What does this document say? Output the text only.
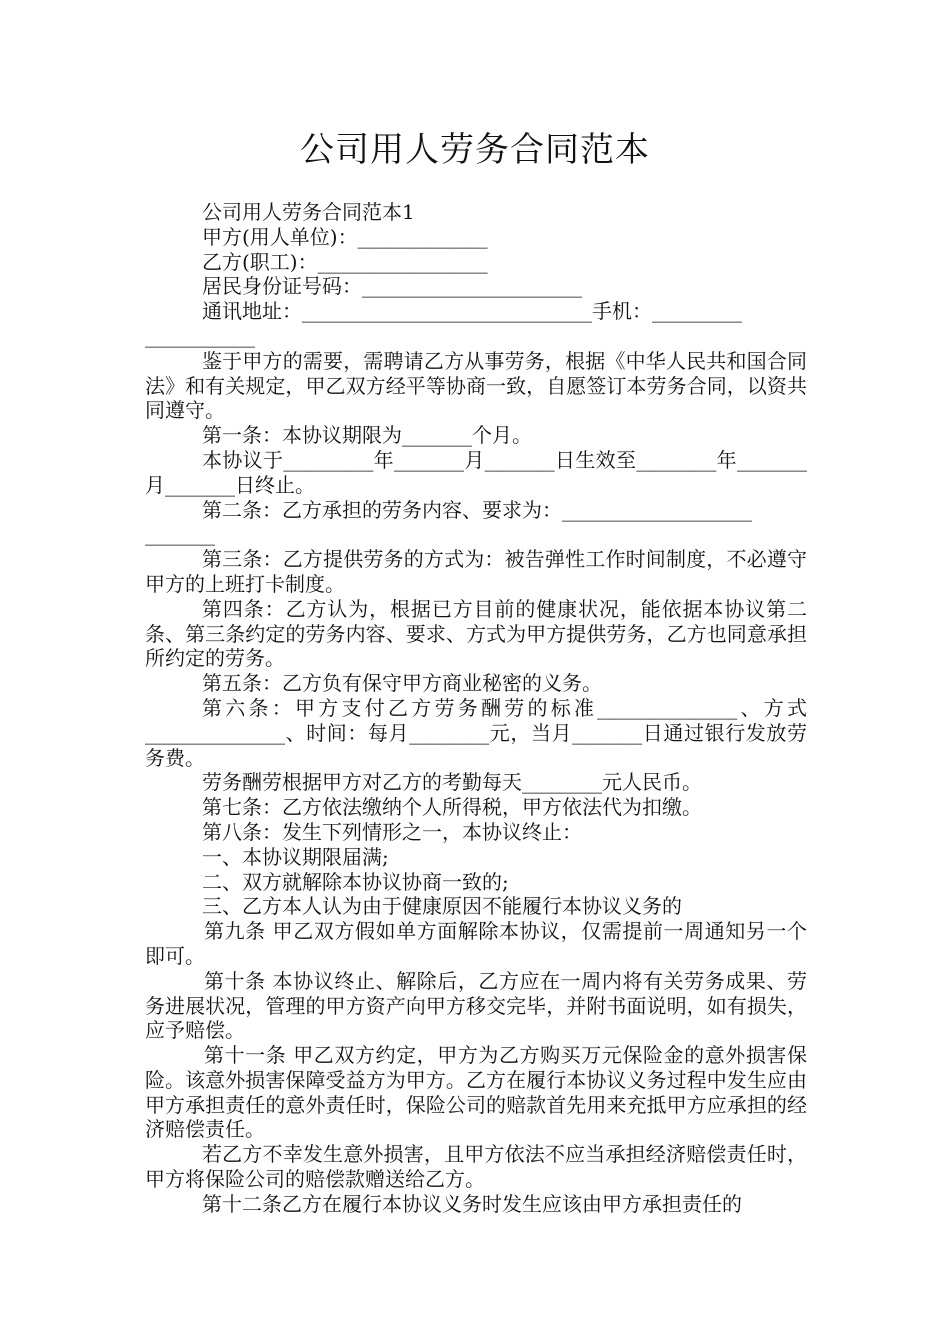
公司用人劳务合同范本

公司用人劳务合同范本1

甲方(用人单位)：_____________

乙方(职工)：_________________

居民身份证号码：______________________

通讯地址：_____________________________手机：_________

___________

鉴于甲方的需要，需聘请乙方从事劳务，根据《中华人民共和国合同法》和有关规定，甲乙双方经平等协商一致，自愿签订本劳务合同，以资共同遵守。

第一条：本协议期限为_______个月。

本协议于_________年_______月_______日生效至________年_______月_______日终止。

第二条：乙方承担的劳务内容、要求为：___________________

_______

第三条：乙方提供劳务的方式为：被告弹性工作时间制度，不必遵守甲方的上班打卡制度。

第四条：乙方认为，根据已方目前的健康状况，能依据本协议第二条、第三条约定的劳务内容、要求、方式为甲方提供劳务，乙方也同意承担所约定的劳务。

第五条：乙方负有保守甲方商业秘密的义务。

第六条：甲方支付乙方劳务酬劳的标准______________、方式______________、时间：每月________元，当月_______日通过银行发放劳务费。

劳务酬劳根据甲方对乙方的考勤每天________元人民币。

第七条：乙方依法缴纳个人所得税，甲方依法代为扣缴。

第八条：发生下列情形之一，本协议终止：

一、本协议期限届满;

二、双方就解除本协议协商一致的;

三、乙方本人认为由于健康原因不能履行本协议义务的

第九条 甲乙双方假如单方面解除本协议，仅需提前一周通知另一个即可。

第十条 本协议终止、解除后，乙方应在一周内将有关劳务成果、劳务进展状况，管理的甲方资产向甲方移交完毕，并附书面说明，如有损失，应予赔偿。

第十一条 甲乙双方约定，甲方为乙方购买万元保险金的意外损害保险。该意外损害保障受益方为甲方。乙方在履行本协议义务过程中发生应由甲方承担责任的意外责任时，保险公司的赔款首先用来充抵甲方应承担的经济赔偿责任。

若乙方不幸发生意外损害，且甲方依法不应当承担经济赔偿责任时，甲方将保险公司的赔偿款赠送给乙方。

第十二条乙方在履行本协议义务时发生应该由甲方承担责任的
